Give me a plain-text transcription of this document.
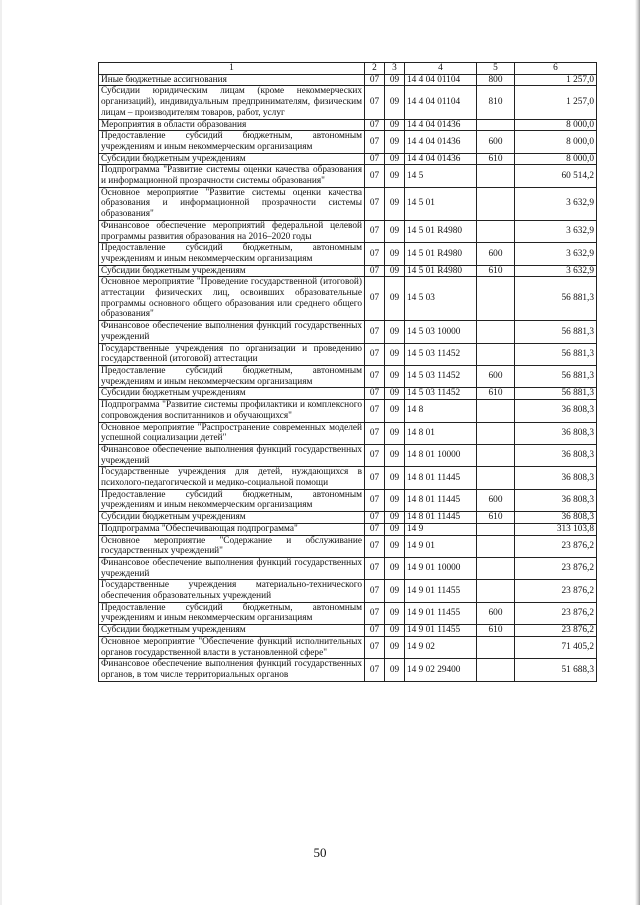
1	2	3	4	5	6
Иные бюджетные ассигнования	07	09	14 4 04 01104	800	1 257,0
Субсидии юридическим лицам (кроме некоммерческих организаций), индивидуальным предпринимателям, физическим лицам – производителям товаров, работ, услуг	07	09	14 4 04 01104	810	1 257,0
Мероприятия в области образования	07	09	14 4 04 01436		8 000,0
Предоставление субсидий бюджетным, автономным учреждениям и иным некоммерческим организациям	07	09	14 4 04 01436	600	8 000,0
Субсидии бюджетным учреждениям	07	09	14 4 04 01436	610	8 000,0
Подпрограмма "Развитие системы оценки качества образования и информационной прозрачности системы образования"	07	09	14 5		60 514,2
Основное мероприятие "Развитие системы оценки качества образования и информационной прозрачности системы образования"	07	09	14 5 01		3 632,9
Финансовое обеспечение мероприятий федеральной целевой программы развития образования на 2016–2020 годы	07	09	14 5 01 R4980		3 632,9
Предоставление субсидий бюджетным, автономным учреждениям и иным некоммерческим организациям	07	09	14 5 01 R4980	600	3 632,9
Субсидии бюджетным учреждениям	07	09	14 5 01 R4980	610	3 632,9
Основное мероприятие "Проведение государственной (итоговой) аттестации физических лиц, освоивших образовательные программы основного общего образования или среднего общего образования"	07	09	14 5 03		56 881,3
Финансовое обеспечение выполнения функций государственных учреждений	07	09	14 5 03 10000		56 881,3
Государственные учреждения по организации и проведению государственной (итоговой) аттестации	07	09	14 5 03 11452		56 881,3
Предоставление субсидий бюджетным, автономным учреждениям и иным некоммерческим организациям	07	09	14 5 03 11452	600	56 881,3
Субсидии бюджетным учреждениям	07	09	14 5 03 11452	610	56 881,3
Подпрограмма "Развитие системы профилактики и комплексного сопровождения воспитанников и обучающихся"	07	09	14 8		36 808,3
Основное мероприятие "Распространение современных моделей успешной социализации детей"	07	09	14 8 01		36 808,3
Финансовое обеспечение выполнения функций государственных учреждений	07	09	14 8 01 10000		36 808,3
Государственные учреждения для детей, нуждающихся в психолого-педагогической и медико-социальной помощи	07	09	14 8 01 11445		36 808,3
Предоставление субсидий бюджетным, автономным учреждениям и иным некоммерческим организациям	07	09	14 8 01 11445	600	36 808,3
Субсидии бюджетным учреждениям	07	09	14 8 01 11445	610	36 808,3
Подпрограмма "Обеспечивающая подпрограмма"	07	09	14 9		313 103,8
Основное мероприятие "Содержание и обслуживание государственных учреждений"	07	09	14 9 01		23 876,2
Финансовое обеспечение выполнения функций государственных учреждений	07	09	14 9 01 10000		23 876,2
Государственные учреждения материально-технического обеспечения образовательных учреждений	07	09	14 9 01 11455		23 876,2
Предоставление субсидий бюджетным, автономным учреждениям и иным некоммерческим организациям	07	09	14 9 01 11455	600	23 876,2
Субсидии бюджетным учреждениям	07	09	14 9 01 11455	610	23 876,2
Основное мероприятие "Обеспечение функций исполнительных органов государственной власти в установленной сфере"	07	09	14 9 02		71 405,2
Финансовое обеспечение выполнения функций государственных органов, в том числе территориальных органов	07	09	14 9 02 29400		51 688,3
50
